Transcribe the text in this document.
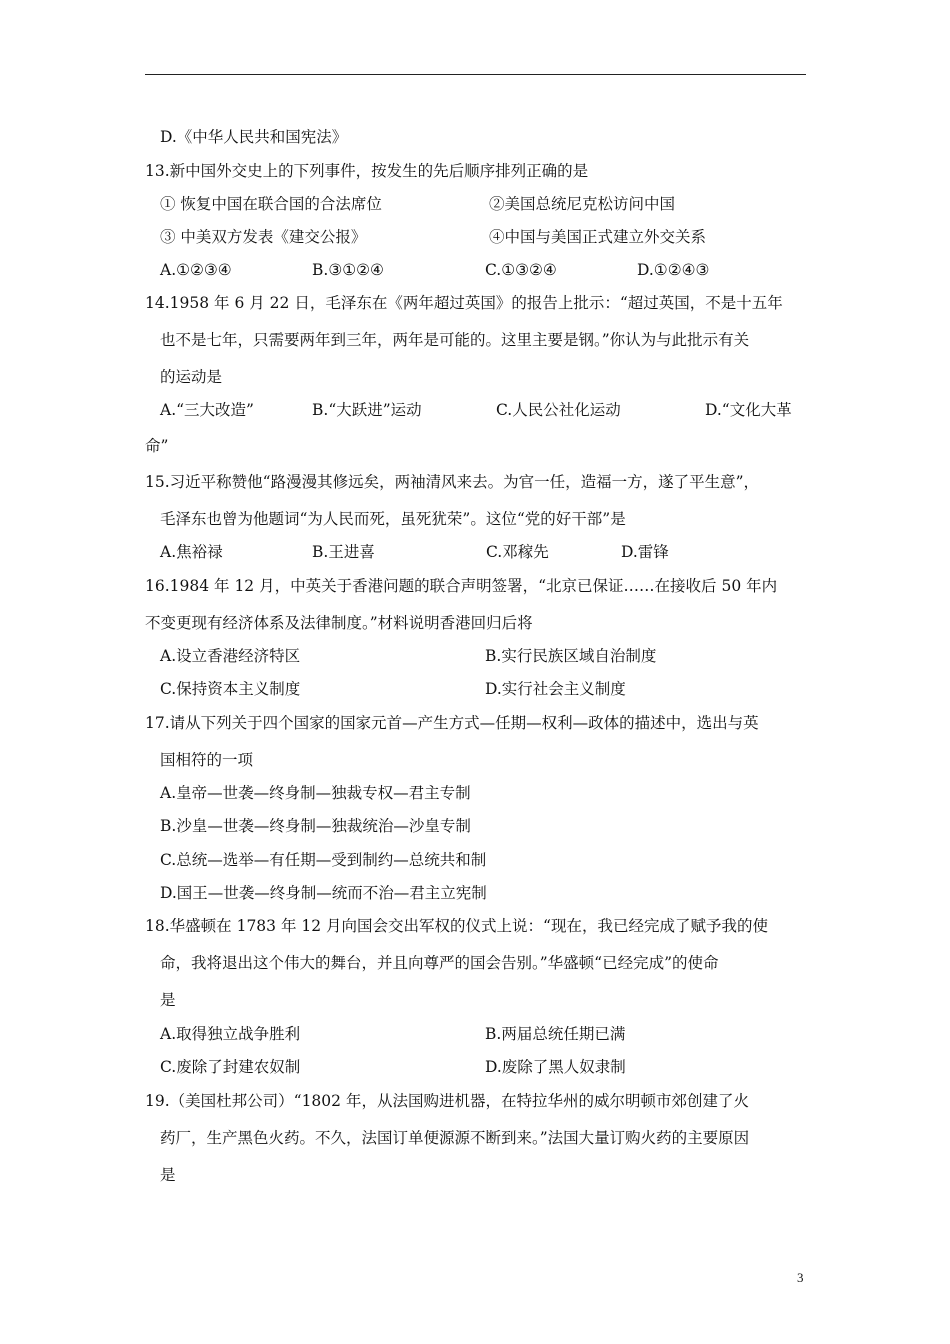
D.《中华人民共和国宪法》
13.新中国外交史上的下列事件，按发生的先后顺序排列正确的是
① 恢复中国在联合国的合法席位	②美国总统尼克松访问中国
③ 中美双方发表《建交公报》	④中国与美国正式建立外交关系
A.①②③④	B.③①②④	C.①③②④	D.①②④③
14.1958 年 6 月 22 日，毛泽东在《两年超过英国》的报告上批示：“超过英国，不是十五年
也不是七年，只需要两年到三年，两年是可能的。这里主要是钢。”你认为与此批示有关
的运动是
A.“三大改造”	B.“大跃进”运动	C.人民公社化运动	D.“文化大革
命”
15.习近平称赞他“路漫漫其修远矣，两袖清风来去。为官一任，造福一方，遂了平生意”，
毛泽东也曾为他题词“为人民而死，虽死犹荣”。这位“党的好干部”是
A.焦裕禄	B.王进喜	C.邓稼先	D.雷锋
16.1984 年 12 月，中英关于香港问题的联合声明签署，“北京已保证……在接收后 50 年内
不变更现有经济体系及法律制度。”材料说明香港回归后将
A.设立香港经济特区	B.实行民族区域自治制度
C.保持资本主义制度	D.实行社会主义制度
17.请从下列关于四个国家的国家元首—产生方式—任期—权利—政体的描述中，选出与英
国相符的一项
A.皇帝—世袭—终身制—独裁专权—君主专制
B.沙皇—世袭—终身制—独裁统治—沙皇专制
C.总统—选举—有任期—受到制约—总统共和制
D.国王—世袭—终身制—统而不治—君主立宪制
18.华盛顿在 1783 年 12 月向国会交出军权的仪式上说：“现在，我已经完成了赋予我的使
命，我将退出这个伟大的舞台，并且向尊严的国会告别。”华盛顿“已经完成”的使命
是
A.取得独立战争胜利	B.两届总统任期已满
C.废除了封建农奴制	D.废除了黑人奴隶制
19.（美国杜邦公司）“1802 年，从法国购进机器，在特拉华州的威尔明顿市郊创建了火
药厂，生产黑色火药。不久，法国订单便源源不断到来。”法国大量订购火药的主要原因
是
3
